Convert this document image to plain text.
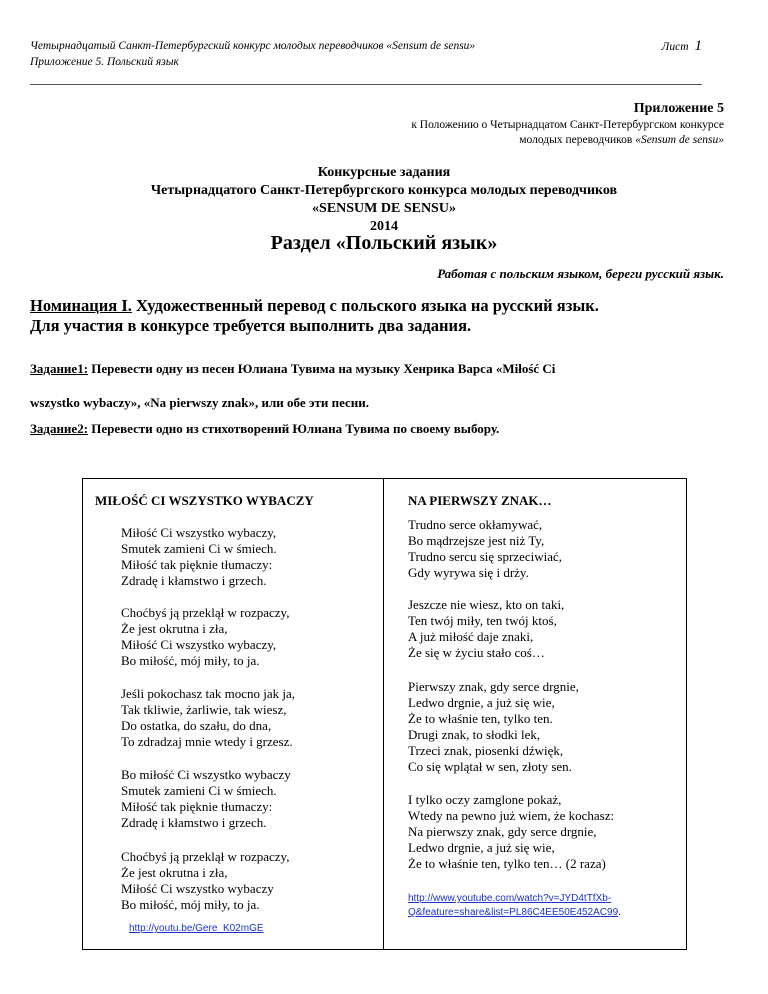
Четырнадцатый Санкт-Петербургский конкурс молодых переводчиков «Sensum de sensu»
Приложение 5. Польский язык
Лист 1
Приложение 5
к Положению о Четырнадцатом Санкт-Петербургском конкурсе
молодых переводчиков «Sensum de sensu»
Конкурсные задания
Четырнадцатого Санкт-Петербургского конкурса молодых переводчиков
«SENSUM DE SENSU»
2014
Раздел «Польский язык»
Работая с польским языком, береги русский язык.
Номинация I. Художественный перевод с польского языка на русский язык.
Для участия в конкурсе требуется выполнить два задания.
Задание1: Перевести одну из песен Юлиана Тувима на музыку Хенрика Варса «Miłość Ci
wszystko wybaczy», «Na pierwszy znak», или обе эти песни.
Задание2: Перевести одно из стихотворений Юлиана Тувима по своему выбору.
MIŁOŚĆ CI WSZYSTKO WYBACZY
Miłość Ci wszystko wybaczy,
Smutek zamieni Ci w śmiech.
Miłość tak pięknie tłumaczy:
Zdradę i kłamstwo i grzech.
Choćbyś ją przeklął w rozpaczy,
Że jest okrutna i zła,
Miłość Ci wszystko wybaczy,
Bo miłość, mój miły, to ja.
Jeśli pokochasz tak mocno jak ja,
Tak tkliwie, żarliwie, tak wiesz,
Do ostatka, do szału, do dna,
To zdradzaj mnie wtedy i grzesz.
Bo miłość Ci wszystko wybaczy
Smutek zamieni Ci w śmiech.
Miłość tak pięknie tłumaczy:
Zdradę i kłamstwo i grzech.
Choćbyś ją przeklął w rozpaczy,
Że jest okrutna i zła,
Miłość Ci wszystko wybaczy
Bo miłość, mój miły, to ja.
http://youtu.be/Gere_K02mGE
NA PIERWSZY ZNAK…
Trudno serce okłamywać,
Bo mądrzejsze jest niż Ty,
Trudno sercu się sprzeciwiać,
Gdy wyrywa się i drży.
Jeszcze nie wiesz, kto on taki,
Ten twój miły, ten twój ktoś,
A już miłość daje znaki,
Że się w życiu stało coś…
Pierwszy znak, gdy serce drgnie,
Ledwo drgnie, a już się wie,
Że to właśnie ten, tylko ten.
Drugi znak, to słodki lek,
Trzeci znak, piosenki dźwięk,
Co się wplątał w sen, złoty sen.
I tylko oczy zamglone pokaż,
Wtedy na pewno już wiem, że kochasz:
Na pierwszy znak, gdy serce drgnie,
Ledwo drgnie, a już się wie,
Że to właśnie ten, tylko ten… (2 raza)
http://www.youtube.com/watch?v=JYD4tTfXb-
Q&feature=share&list=PL86C4EE50E452AC99.
